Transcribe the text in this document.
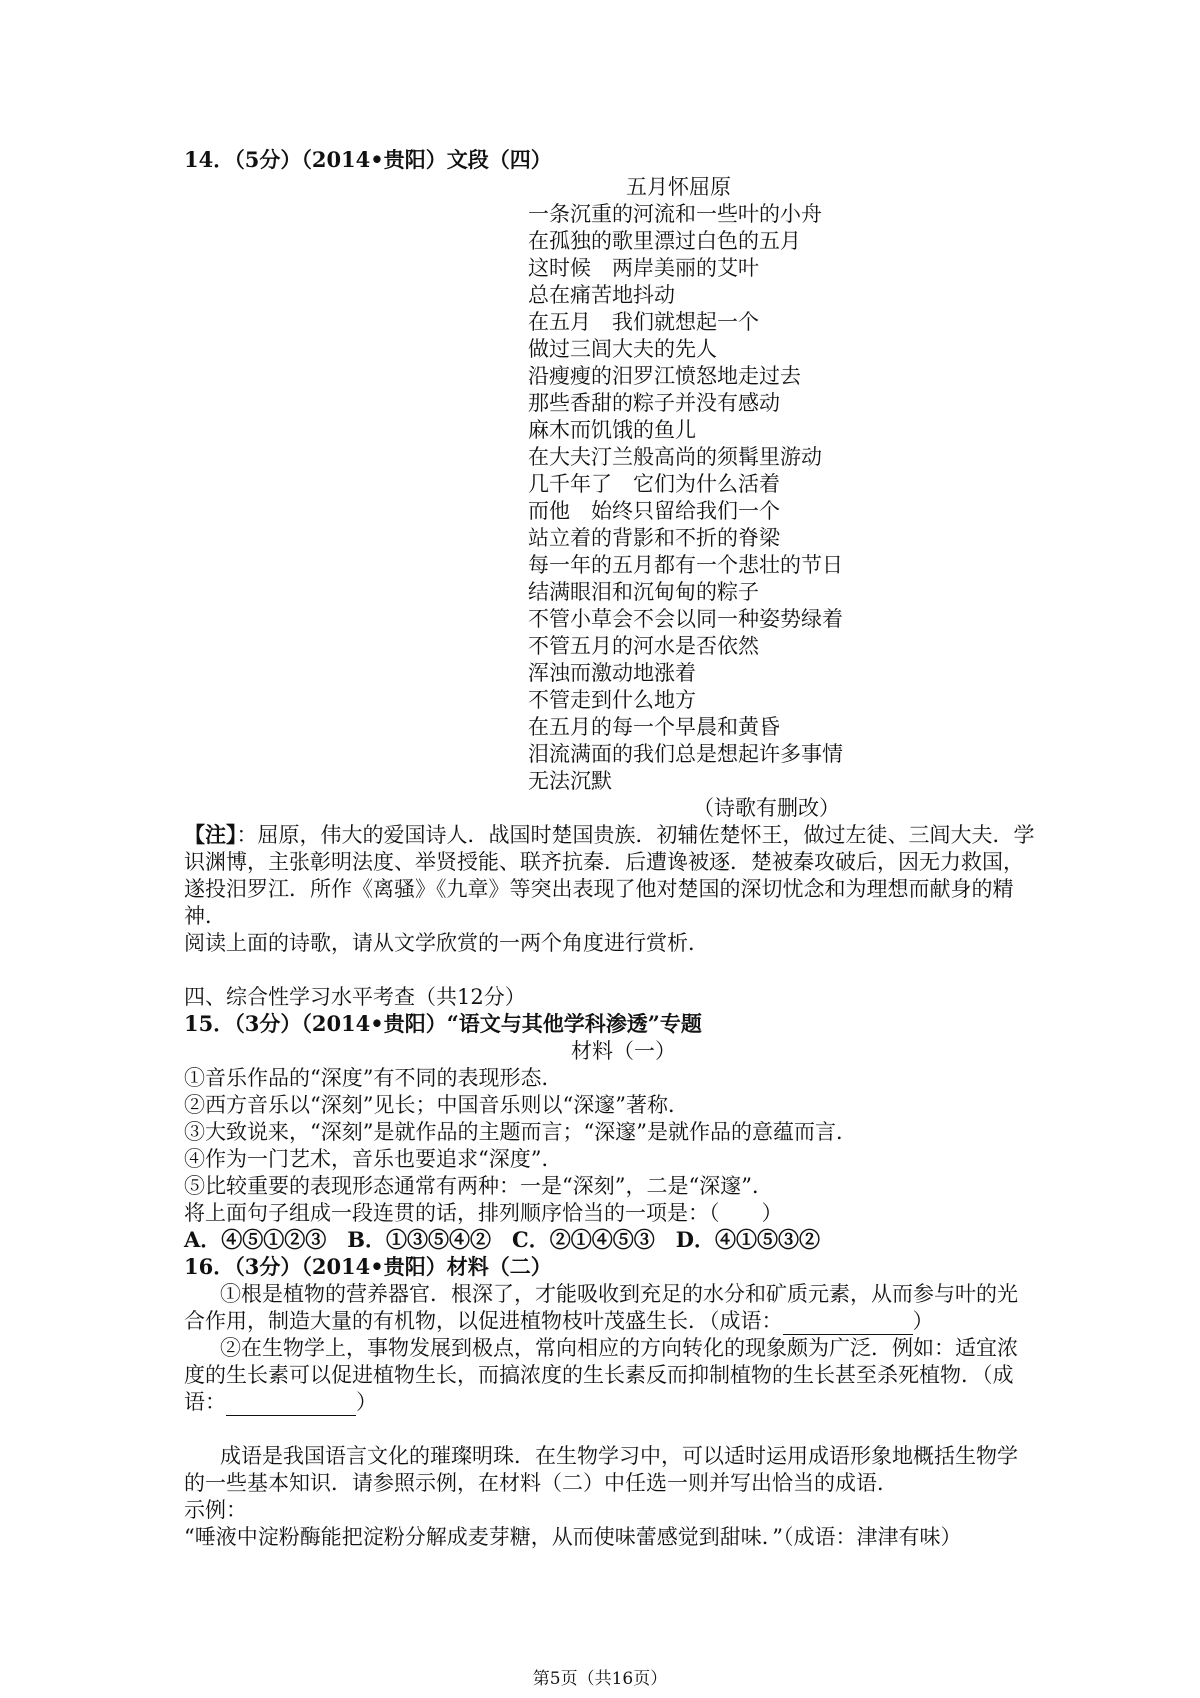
14．（5分）（2014•贵阳）文段（四）
五月怀屈原
一条沉重的河流和一些叶的小舟
在孤独的歌里漂过白色的五月
这时候　两岸美丽的艾叶
总在痛苦地抖动
在五月　我们就想起一个
做过三闾大夫的先人
沿瘦瘦的汨罗江愤怒地走过去
那些香甜的粽子并没有感动
麻木而饥饿的鱼儿
在大夫汀兰般高尚的须髯里游动
几千年了　它们为什么活着
而他　始终只留给我们一个
站立着的背影和不折的脊梁
每一年的五月都有一个悲壮的节日
结满眼泪和沉甸甸的粽子
不管小草会不会以同一种姿势绿着
不管五月的河水是否依然
浑浊而激动地涨着
不管走到什么地方
在五月的每一个早晨和黄昏
泪流满面的我们总是想起许多事情
无法沉默
（诗歌有删改）
【注】：屈原，伟大的爱国诗人．战国时楚国贵族．初辅佐楚怀王，做过左徒、三闾大夫．学
识渊博，主张彰明法度、举贤授能、联齐抗秦．后遭谗被逐．楚被秦攻破后，因无力救国，
遂投汨罗江．所作《离骚》《九章》等突出表现了他对楚国的深切忧念和为理想而献身的精
神．
阅读上面的诗歌，请从文学欣赏的一两个角度进行赏析．
四、综合性学习水平考查（共12分）
15．（3分）（2014•贵阳）“语文与其他学科渗透”专题
材料（一）
①音乐作品的“深度”有不同的表现形态．
②西方音乐以“深刻”见长；中国音乐则以“深邃”著称．
③大致说来，“深刻”是就作品的主题而言；“深邃”是就作品的意蕴而言．
④作为一门艺术，音乐也要追求“深度”．
⑤比较重要的表现形态通常有两种：一是“深刻”，二是“深邃”．
将上面句子组成一段连贯的话，排列顺序恰当的一项是：（　　）
A．④⑤①②③　B．①③⑤④②　C．②①④⑤③　D．④①⑤③②
16．（3分）（2014•贵阳）材料（二）
①根是植物的营养器官．根深了，才能吸收到充足的水分和矿质元素，从而参与叶的光
合作用，制造大量的有机物，以促进植物枝叶茂盛生长．（成语：	）
②在生物学上，事物发展到极点，常向相应的方向转化的现象颇为广泛．例如：适宜浓
度的生长素可以促进植物生长，而搞浓度的生长素反而抑制植物的生长甚至杀死植物．（成
语：	）
成语是我国语言文化的璀璨明珠．在生物学习中，可以适时运用成语形象地概括生物学
的一些基本知识．请参照示例，在材料（二）中任选一则并写出恰当的成语．
示例：
“唾液中淀粉酶能把淀粉分解成麦芽糖，从而使味蕾感觉到甜味．”（成语：津津有味）
第5页（共16页）
